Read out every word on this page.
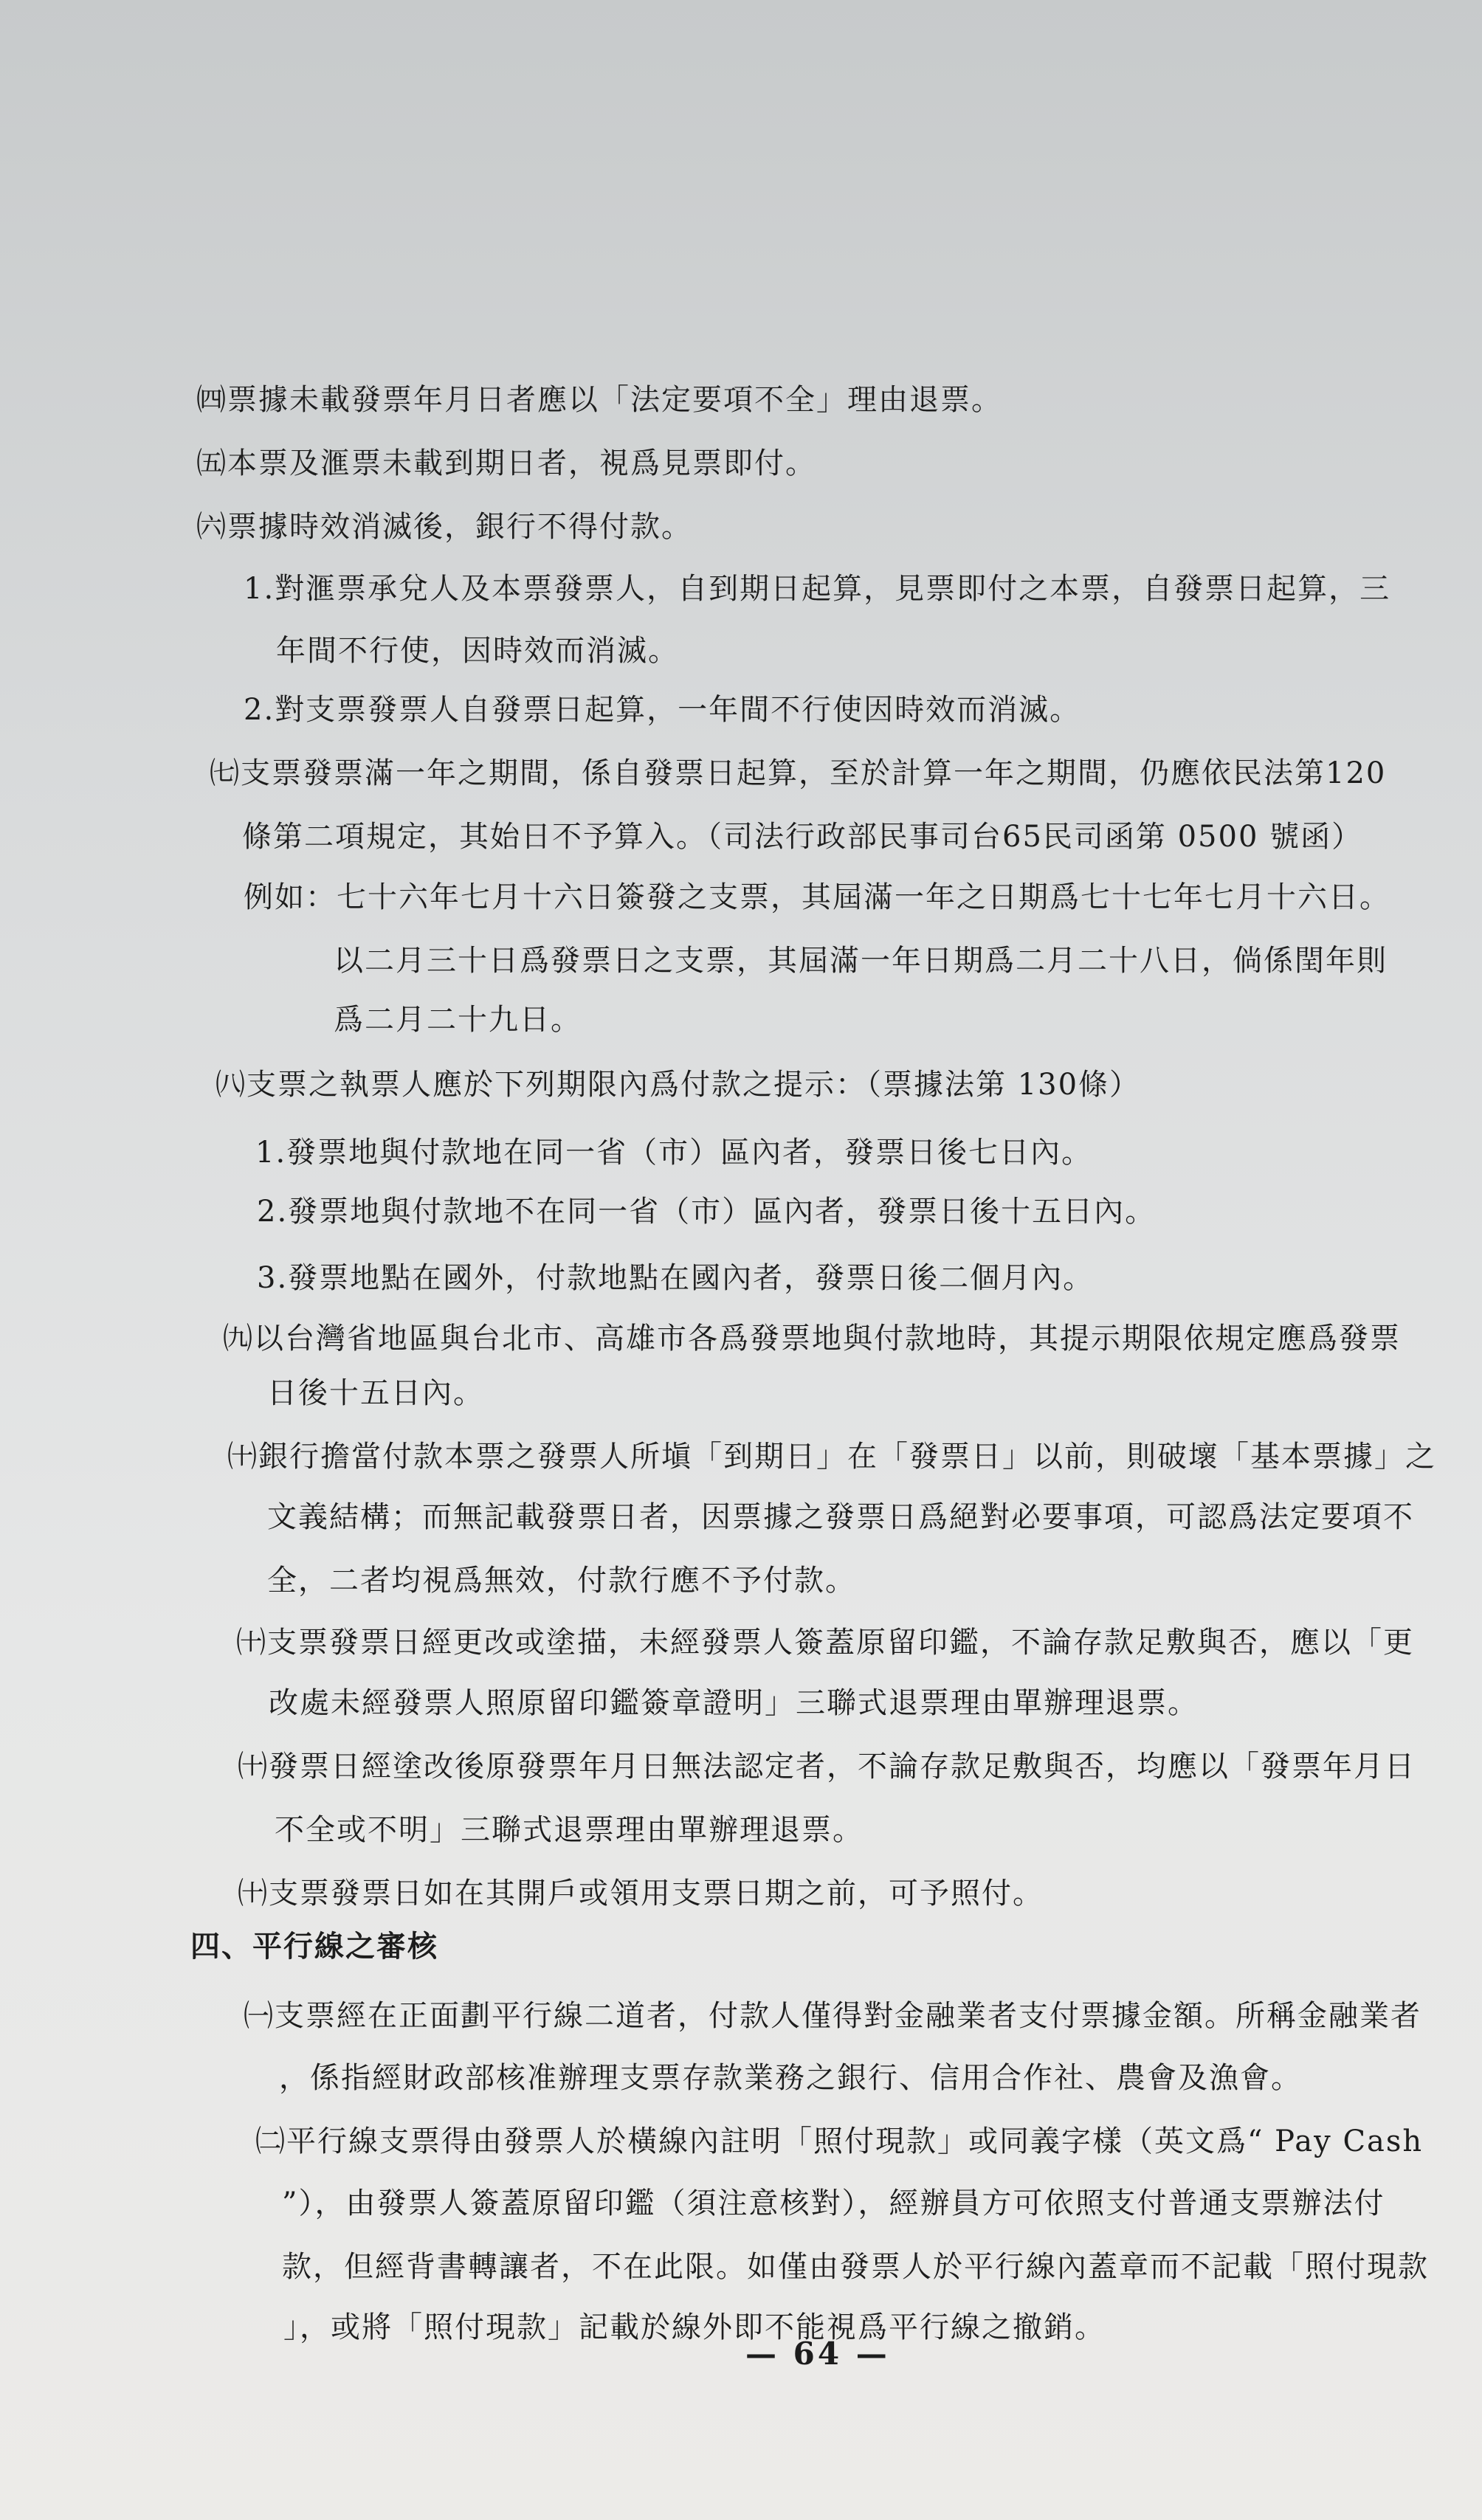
㈣票據未載發票年月日者應以「法定要項不全」理由退票。
㈤本票及滙票未載到期日者，視爲見票即付。
㈥票據時效消滅後，銀行不得付款。
1.對滙票承兌人及本票發票人，自到期日起算，見票即付之本票，自發票日起算，三
年間不行使，因時效而消滅。
2.對支票發票人自發票日起算，一年間不行使因時效而消滅。
㈦支票發票滿一年之期間，係自發票日起算，至於計算一年之期間，仍應依民法第120
條第二項規定，其始日不予算入。（司法行政部民事司台65民司函第 0500 號函）
例如：七十六年七月十六日簽發之支票，其屆滿一年之日期爲七十七年七月十六日。
以二月三十日爲發票日之支票，其屆滿一年日期爲二月二十八日，倘係閏年則
爲二月二十九日。
㈧支票之執票人應於下列期限內爲付款之提示：（票據法第 130條）
1.發票地與付款地在同一省（市）區內者，發票日後七日內。
2.發票地與付款地不在同一省（市）區內者，發票日後十五日內。
3.發票地點在國外，付款地點在國內者，發票日後二個月內。
㈨以台灣省地區與台北市、高雄市各爲發票地與付款地時，其提示期限依規定應爲發票
日後十五日內。
㈩銀行擔當付款本票之發票人所塡「到期日」在「發票日」以前，則破壞「基本票據」之
文義結構；而無記載發票日者，因票據之發票日爲絕對必要事項，可認爲法定要項不
全，二者均視爲無效，付款行應不予付款。
㈩支票發票日經更改或塗描，未經發票人簽蓋原留印鑑，不論存款足敷與否，應以「更
改處未經發票人照原留印鑑簽章證明」三聯式退票理由單辦理退票。
㈩發票日經塗改後原發票年月日無法認定者，不論存款足敷與否，均應以「發票年月日
不全或不明」三聯式退票理由單辦理退票。
㈩支票發票日如在其開戶或領用支票日期之前，可予照付。
四、平行線之審核
㈠支票經在正面劃平行線二道者，付款人僅得對金融業者支付票據金額。所稱金融業者
，係指經財政部核准辦理支票存款業務之銀行、信用合作社、農會及漁會。
㈡平行線支票得由發票人於橫線內註明「照付現款」或同義字樣（英文爲“ Pay Cash
”），由發票人簽蓋原留印鑑（須注意核對），經辦員方可依照支付普通支票辦法付
款，但經背書轉讓者，不在此限。如僅由發票人於平行線內蓋章而不記載「照付現款
」，或將「照付現款」記載於線外即不能視爲平行線之撤銷。
— 64 —
